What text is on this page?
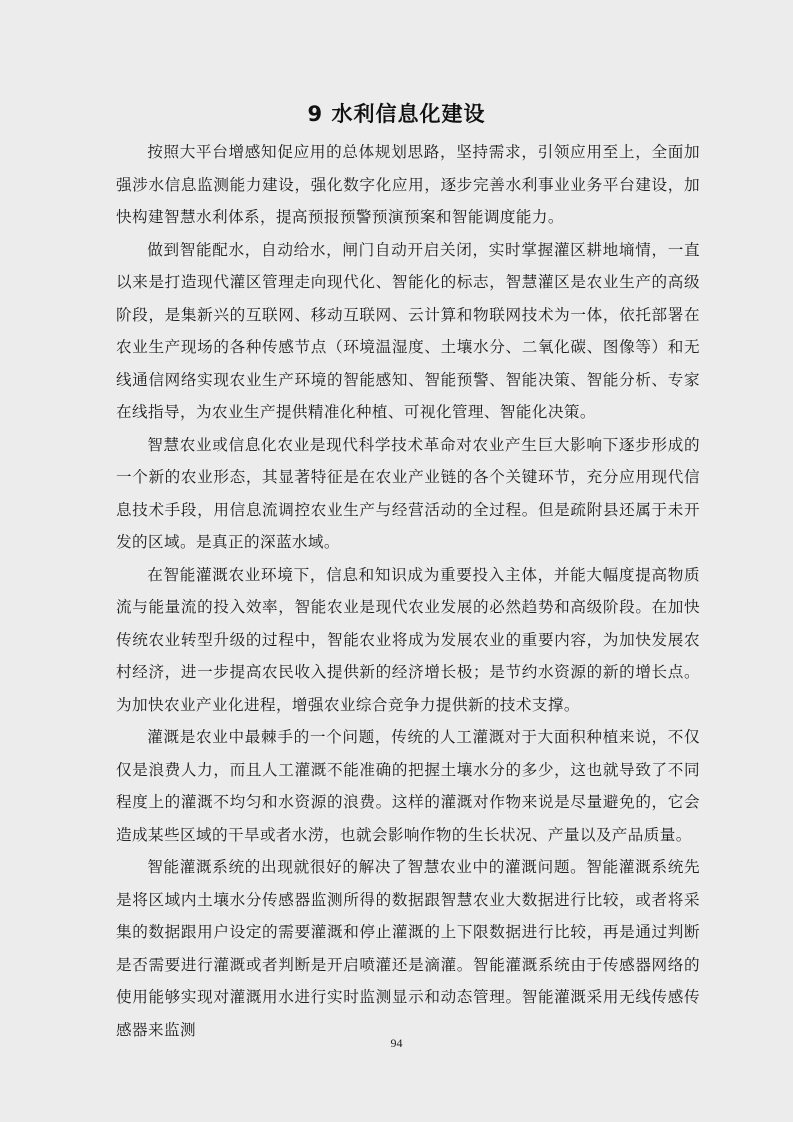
9 水利信息化建设

按照大平台增感知促应用的总体规划思路，坚持需求，引领应用至上，全面加强涉水信息监测能力建设，强化数字化应用，逐步完善水利事业业务平台建设，加快构建智慧水利体系，提高预报预警预演预案和智能调度能力。

做到智能配水，自动给水，闸门自动开启关闭，实时掌握灌区耕地墒情，一直以来是打造现代灌区管理走向现代化、智能化的标志，智慧灌区是农业生产的高级阶段，是集新兴的互联网、移动互联网、云计算和物联网技术为一体，依托部署在农业生产现场的各种传感节点（环境温湿度、土壤水分、二氧化碳、图像等）和无线通信网络实现农业生产环境的智能感知、智能预警、智能决策、智能分析、专家在线指导，为农业生产提供精准化种植、可视化管理、智能化决策。

智慧农业或信息化农业是现代科学技术革命对农业产生巨大影响下逐步形成的一个新的农业形态，其显著特征是在农业产业链的各个关键环节，充分应用现代信息技术手段，用信息流调控农业生产与经营活动的全过程。但是疏附县还属于未开发的区域。是真正的深蓝水域。

在智能灌溉农业环境下，信息和知识成为重要投入主体，并能大幅度提高物质流与能量流的投入效率，智能农业是现代农业发展的必然趋势和高级阶段。在加快传统农业转型升级的过程中，智能农业将成为发展农业的重要内容，为加快发展农村经济，进一步提高农民收入提供新的经济增长极；是节约水资源的新的增长点。为加快农业产业化进程，增强农业综合竞争力提供新的技术支撑。

灌溉是农业中最棘手的一个问题，传统的人工灌溉对于大面积种植来说，不仅仅是浪费人力，而且人工灌溉不能准确的把握土壤水分的多少，这也就导致了不同程度上的灌溉不均匀和水资源的浪费。这样的灌溉对作物来说是尽量避免的，它会造成某些区域的干旱或者水涝，也就会影响作物的生长状况、产量以及产品质量。

智能灌溉系统的出现就很好的解决了智慧农业中的灌溉问题。智能灌溉系统先是将区域内土壤水分传感器监测所得的数据跟智慧农业大数据进行比较，或者将采集的数据跟用户设定的需要灌溉和停止灌溉的上下限数据进行比较，再是通过判断是否需要进行灌溉或者判断是开启喷灌还是滴灌。智能灌溉系统由于传感器网络的使用能够实现对灌溉用水进行实时监测显示和动态管理。智能灌溉采用无线传感传感器来监测

94
